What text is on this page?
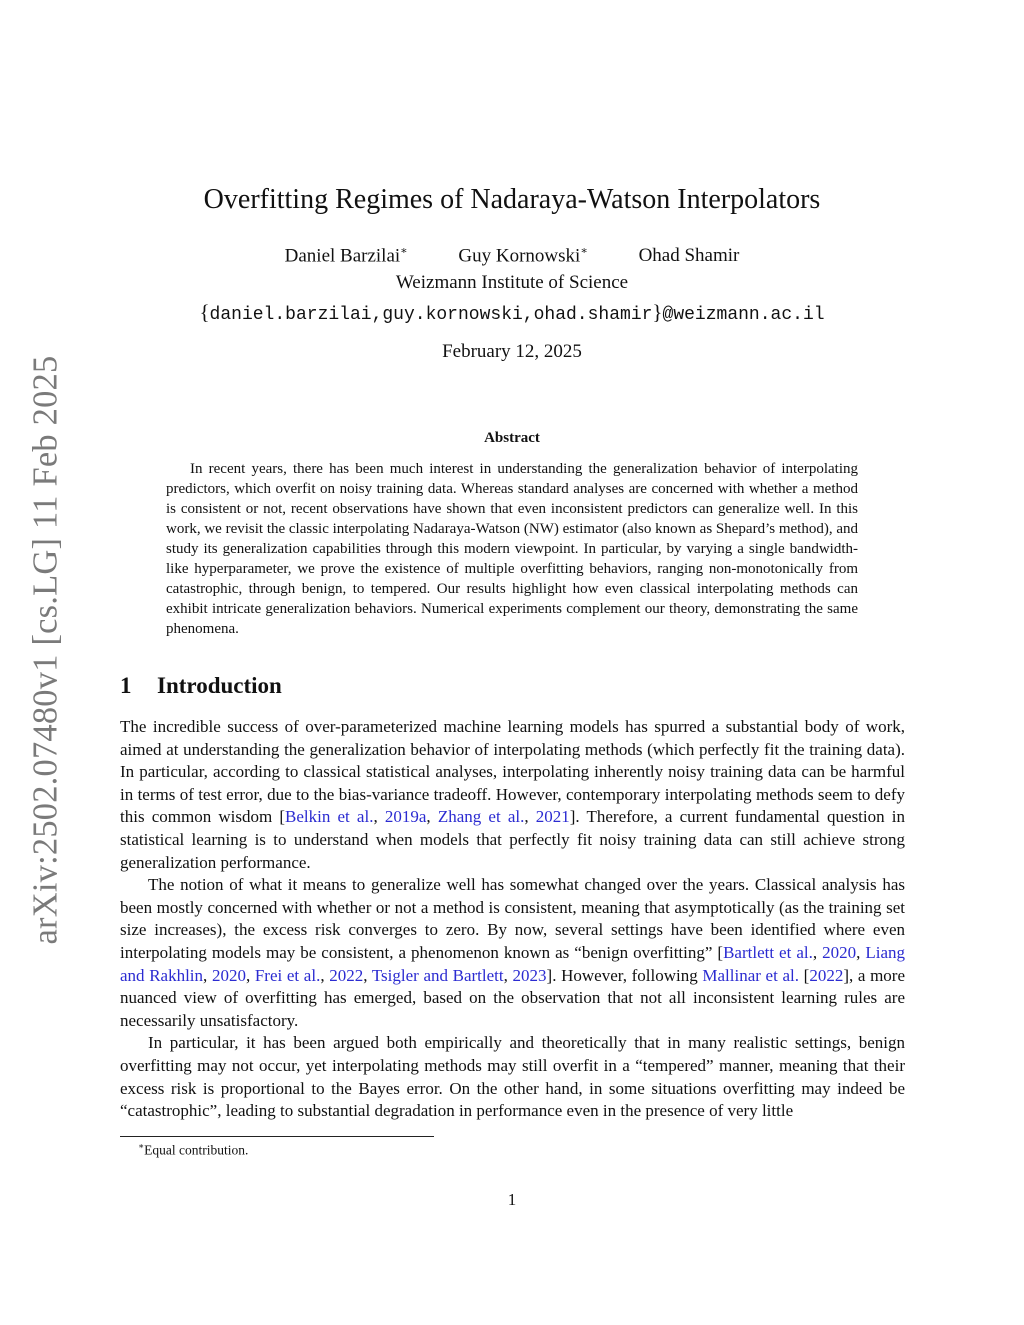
arXiv:2502.07480v1 [cs.LG] 11 Feb 2025
Overfitting Regimes of Nadaraya-Watson Interpolators
Daniel Barzilai∗	Guy Kornowski∗	Ohad Shamir
Weizmann Institute of Science
{daniel.barzilai,guy.kornowski,ohad.shamir}@weizmann.ac.il
February 12, 2025
Abstract

In recent years, there has been much interest in understanding the generalization behavior of interpolating predictors, which overfit on noisy training data. Whereas standard analyses are concerned with whether a method is consistent or not, recent observations have shown that even inconsistent predictors can generalize well. In this work, we revisit the classic interpolating Nadaraya-Watson (NW) estimator (also known as Shepard’s method), and study its generalization capabilities through this modern viewpoint. In particular, by varying a single bandwidth-like hyperparameter, we prove the existence of multiple overfitting behaviors, ranging non-monotonically from catastrophic, through benign, to tempered. Our results highlight how even classical interpolating methods can exhibit intricate generalization behaviors. Numerical experiments complement our theory, demonstrating the same phenomena.

1 Introduction

The incredible success of over-parameterized machine learning models has spurred a substantial body of work, aimed at understanding the generalization behavior of interpolating methods (which perfectly fit the training data). In particular, according to classical statistical analyses, interpolating inherently noisy training data can be harmful in terms of test error, due to the bias-variance tradeoff. However, contemporary interpolating methods seem to defy this common wisdom [Belkin et al., 2019a, Zhang et al., 2021]. Therefore, a current fundamental question in statistical learning is to understand when models that perfectly fit noisy training data can still achieve strong generalization performance.

The notion of what it means to generalize well has somewhat changed over the years. Classical analysis has been mostly concerned with whether or not a method is consistent, meaning that asymptotically (as the training set size increases), the excess risk converges to zero. By now, several settings have been identified where even interpolating models may be consistent, a phenomenon known as “benign overfitting” [Bartlett et al., 2020, Liang and Rakhlin, 2020, Frei et al., 2022, Tsigler and Bartlett, 2023]. However, following Mallinar et al. [2022], a more nuanced view of overfitting has emerged, based on the observation that not all inconsistent learning rules are necessarily unsatisfactory.

In particular, it has been argued both empirically and theoretically that in many realistic settings, benign overfitting may not occur, yet interpolating methods may still overfit in a “tempered” manner, meaning that their excess risk is proportional to the Bayes error. On the other hand, in some situations overfitting may indeed be “catastrophic”, leading to substantial degradation in performance even in the presence of very little

∗Equal contribution.
1
